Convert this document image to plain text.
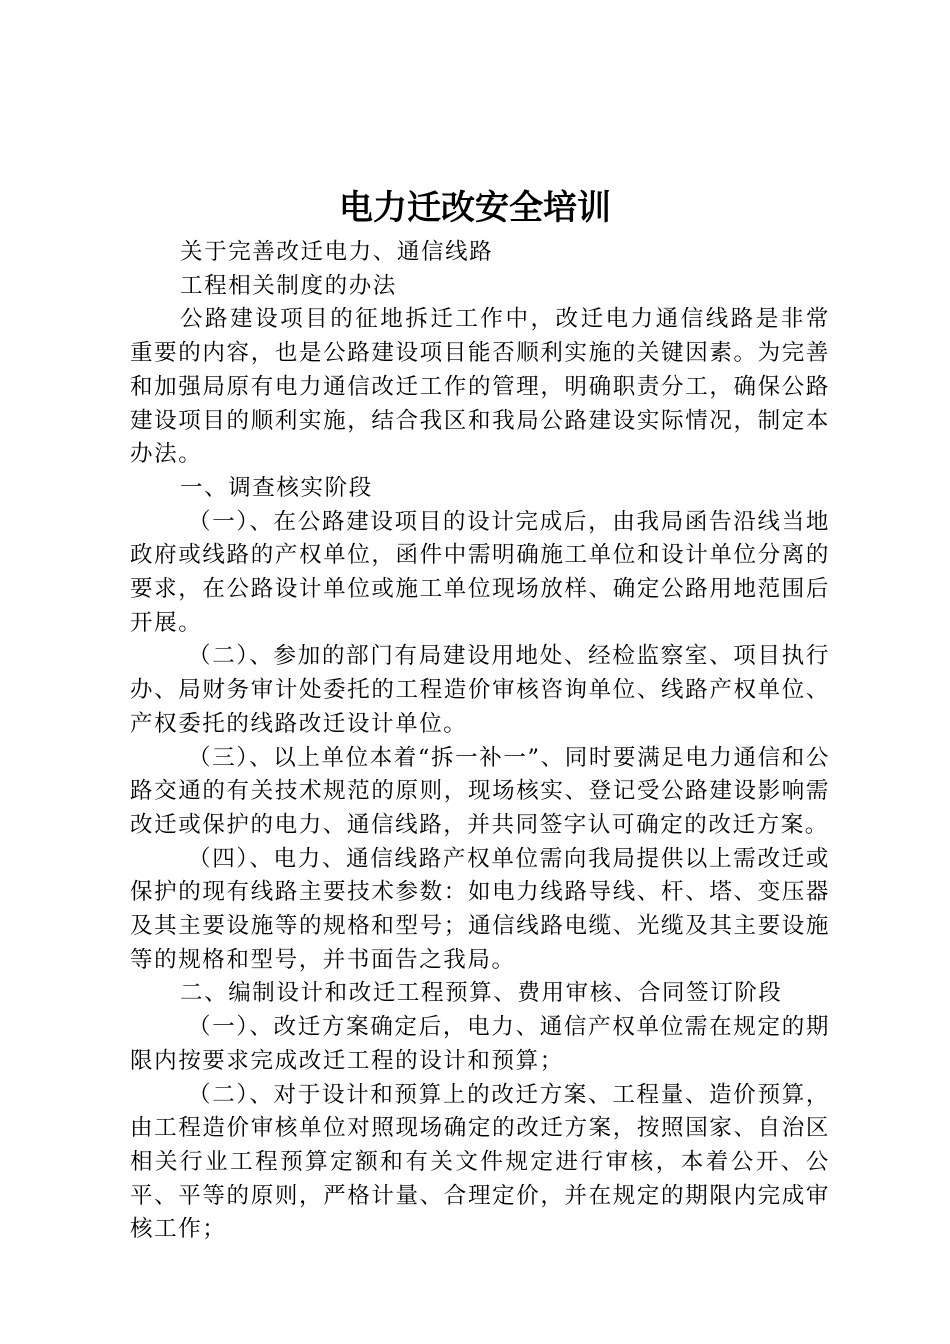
电力迁改安全培训

关于完善改迁电力、通信线路

工程相关制度的办法

公路建设项目的征地拆迁工作中，改迁电力通信线路是非常重要的内容，也是公路建设项目能否顺利实施的关键因素。为完善和加强局原有电力通信改迁工作的管理，明确职责分工，确保公路建设项目的顺利实施，结合我区和我局公路建设实际情况，制定本办法。

一、调查核实阶段

（一）、在公路建设项目的设计完成后，由我局函告沿线当地政府或线路的产权单位，函件中需明确施工单位和设计单位分离的要求，在公路设计单位或施工单位现场放样、确定公路用地范围后开展。

（二）、参加的部门有局建设用地处、经检监察室、项目执行办、局财务审计处委托的工程造价审核咨询单位、线路产权单位、产权委托的线路改迁设计单位。

（三）、以上单位本着“拆一补一”、同时要满足电力通信和公路交通的有关技术规范的原则，现场核实、登记受公路建设影响需改迁或保护的电力、通信线路，并共同签字认可确定的改迁方案。

（四）、电力、通信线路产权单位需向我局提供以上需改迁或保护的现有线路主要技术参数：如电力线路导线、杆、塔、变压器及其主要设施等的规格和型号；通信线路电缆、光缆及其主要设施等的规格和型号，并书面告之我局。

二、编制设计和改迁工程预算、费用审核、合同签订阶段

（一）、改迁方案确定后，电力、通信产权单位需在规定的期限内按要求完成改迁工程的设计和预算；

（二）、对于设计和预算上的改迁方案、工程量、造价预算，由工程造价审核单位对照现场确定的改迁方案，按照国家、自治区相关行业工程预算定额和有关文件规定进行审核，本着公开、公平、平等的原则，严格计量、合理定价，并在规定的期限内完成审核工作；
